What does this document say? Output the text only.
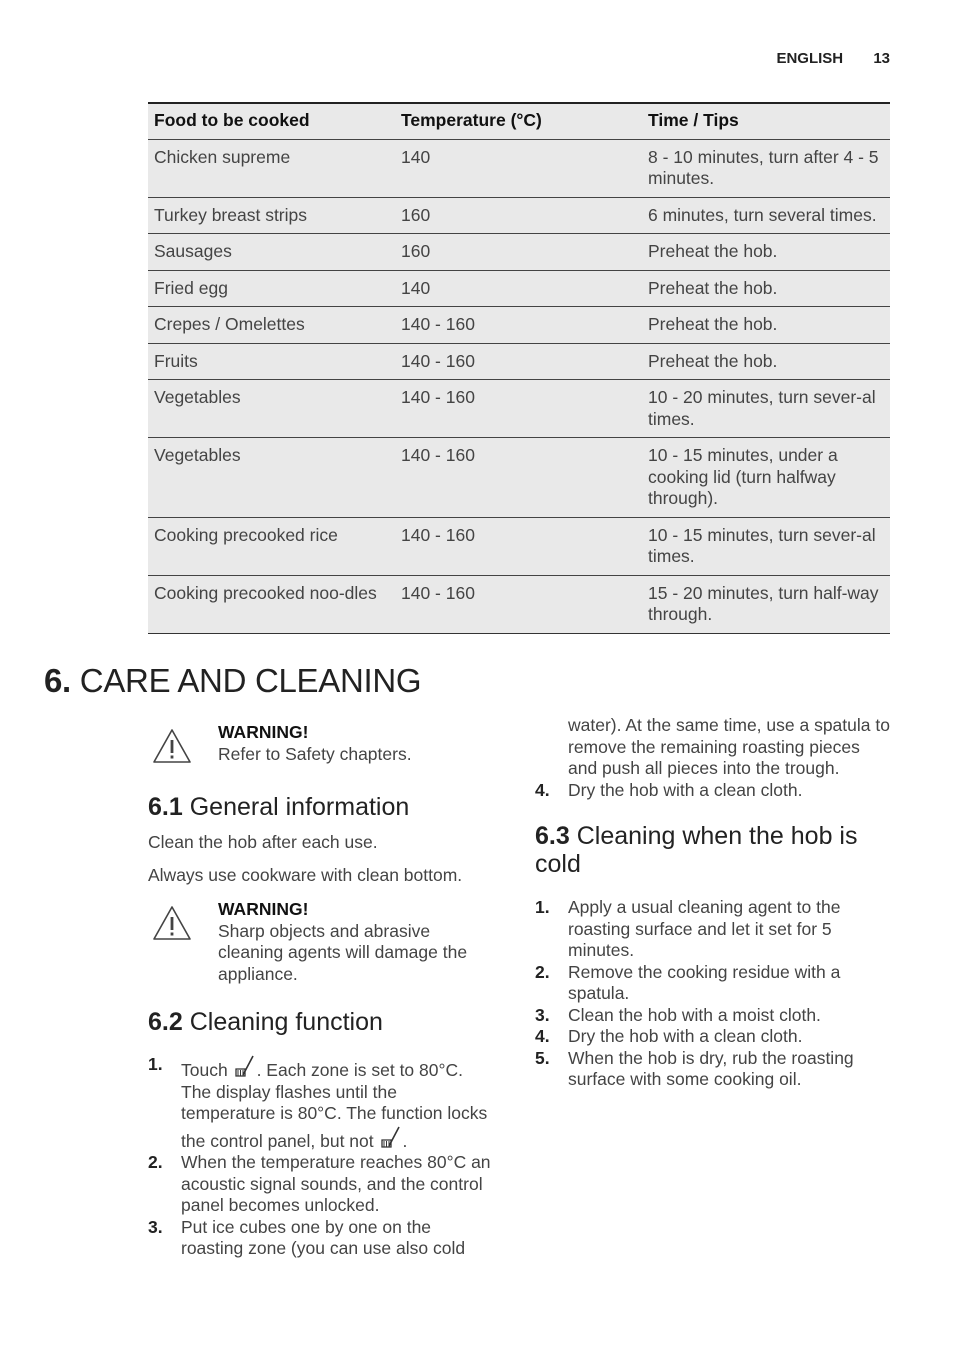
ENGLISH 13
Food to be cooked	Temperature (°C)	Time / Tips
Chicken supreme	140	8 - 10 minutes, turn after 4 - 5 minutes.
Turkey breast strips	160	6 minutes, turn several times.
Sausages	160	Preheat the hob.
Fried egg	140	Preheat the hob.
Crepes / Omelettes	140 - 160	Preheat the hob.
Fruits	140 - 160	Preheat the hob.
Vegetables	140 - 160	10 - 20 minutes, turn sever-al times.
Vegetables	140 - 160	10 - 15 minutes, under a cooking lid (turn halfway through).
Cooking precooked rice	140 - 160	10 - 15 minutes, turn sever-al times.
Cooking precooked noo-dles	140 - 160	15 - 20 minutes, turn half-way through.
6. CARE AND CLEANING
WARNING!
Refer to Safety chapters.
6.1 General information

Clean the hob after each use.

Always use cookware with clean bottom.

WARNING!
Sharp objects and abrasive cleaning agents will damage the appliance.
6.2 Cleaning function
1. Touch . Each zone is set to 80°C. The display flashes until the temperature is 80°C. The function locks the control panel, but not .
2. When the temperature reaches 80°C an acoustic signal sounds, and the control panel becomes unlocked.
3. Put ice cubes one by one on the roasting zone (you can use also cold
water). At the same time, use a spatula to remove the remaining roasting pieces and push all pieces into the trough.
4. Dry the hob with a clean cloth.
6.3 Cleaning when the hob is cold
1. Apply a usual cleaning agent to the roasting surface and let it set for 5 minutes.
2. Remove the cooking residue with a spatula.
3. Clean the hob with a moist cloth.
4. Dry the hob with a clean cloth.
5. When the hob is dry, rub the roasting surface with some cooking oil.
